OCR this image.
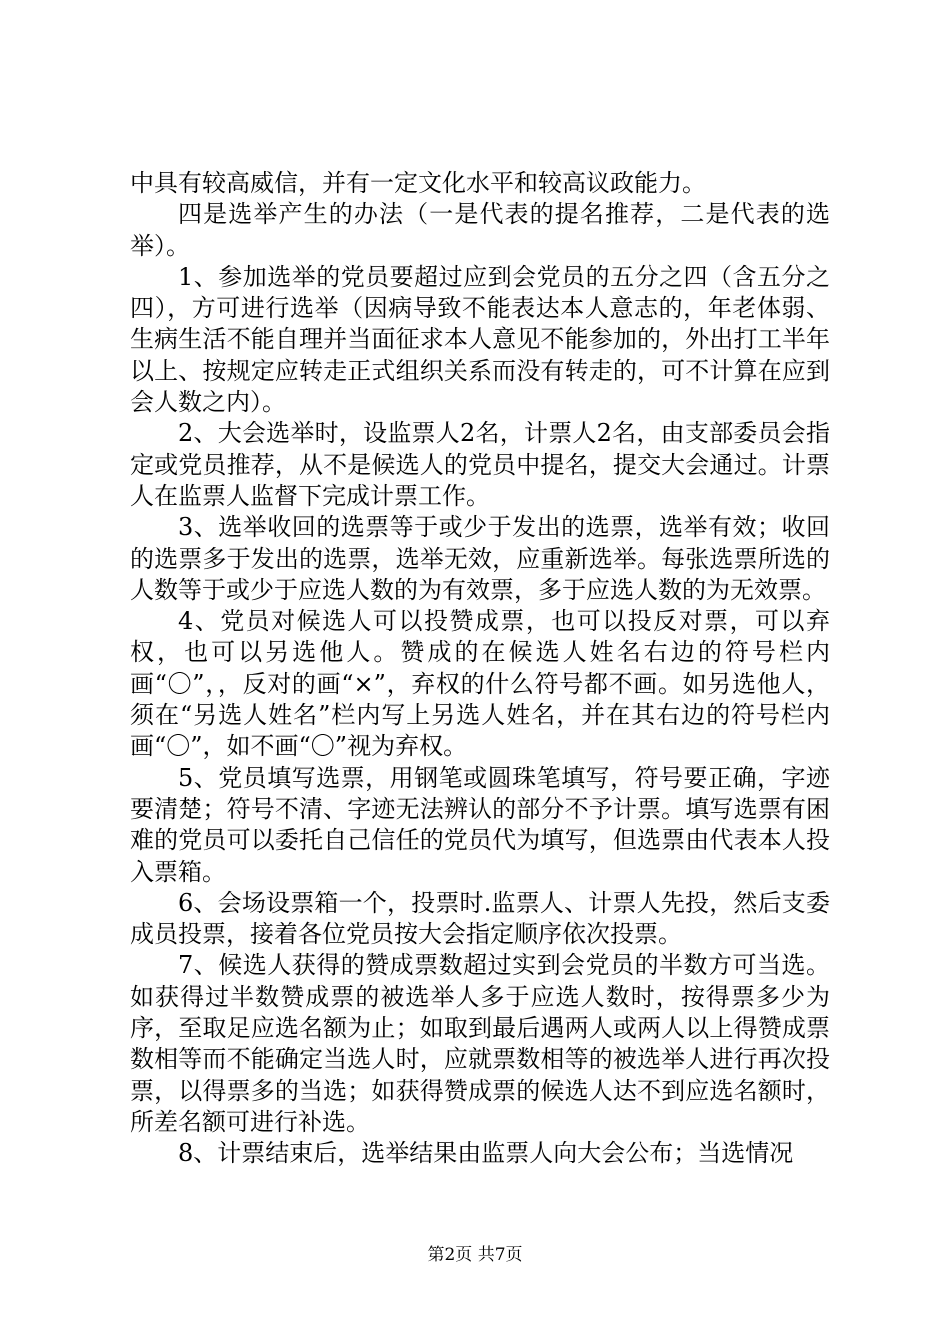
中具有较高威信，并有一定文化水平和较高议政能力。

四是选举产生的办法（一是代表的提名推荐，二是代表的选举）。

1、参加选举的党员要超过应到会党员的五分之四（含五分之四），方可进行选举（因病导致不能表达本人意志的，年老体弱、生病生活不能自理并当面征求本人意见不能参加的，外出打工半年以上、按规定应转走正式组织关系而没有转走的，可不计算在应到会人数之内）。

2、大会选举时，设监票人2名，计票人2名，由支部委员会指定或党员推荐，从不是候选人的党员中提名，提交大会通过。计票人在监票人监督下完成计票工作。

3、选举收回的选票等于或少于发出的选票，选举有效；收回的选票多于发出的选票，选举无效，应重新选举。每张选票所选的人数等于或少于应选人数的为有效票，多于应选人数的为无效票。

4、党员对候选人可以投赞成票，也可以投反对票，可以弃权，也可以另选他人。赞成的在候选人姓名右边的符号栏内画“〇”，，反对的画“×”，弃权的什么符号都不画。如另选他人，须在“另选人姓名”栏内写上另选人姓名，并在其右边的符号栏内画“〇”，如不画“〇”视为弃权。

5、党员填写选票，用钢笔或圆珠笔填写，符号要正确，字迹要清楚；符号不清、字迹无法辨认的部分不予计票。填写选票有困难的党员可以委托自己信任的党员代为填写，但选票由代表本人投入票箱。

6、会场设票箱一个，投票时.监票人、计票人先投，然后支委成员投票，接着各位党员按大会指定顺序依次投票。

7、候选人获得的赞成票数超过实到会党员的半数方可当选。如获得过半数赞成票的被选举人多于应选人数时，按得票多少为序，至取足应选名额为止；如取到最后遇两人或两人以上得赞成票数相等而不能确定当选人时，应就票数相等的被选举人进行再次投票，以得票多的当选；如获得赞成票的候选人达不到应选名额时，所差名额可进行补选。

8、计票结束后，选举结果由监票人向大会公布；当选情况

第2页 共7页
